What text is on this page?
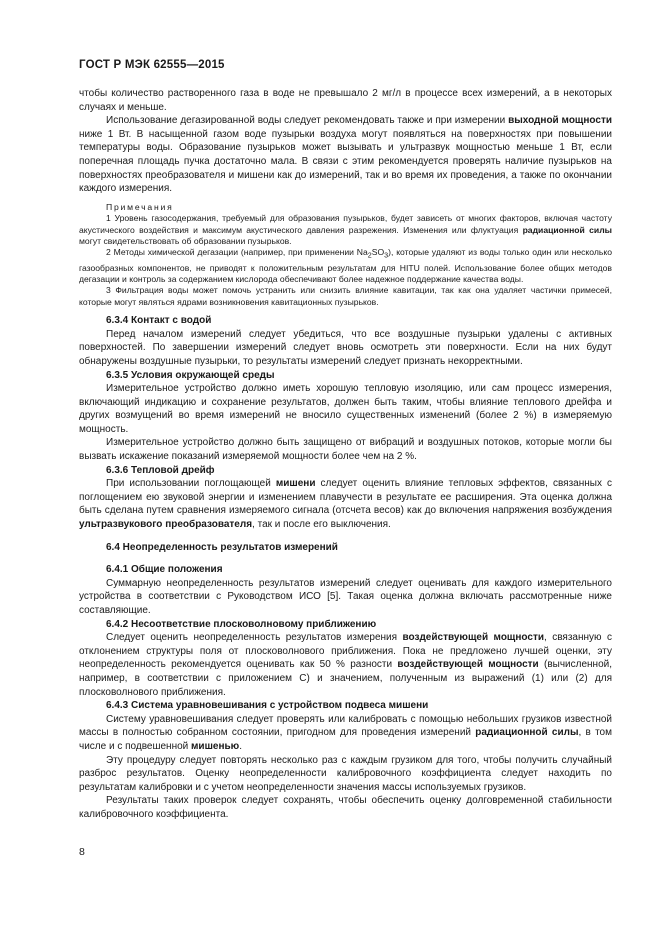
ГОСТ Р МЭК 62555—2015

чтобы количество растворенного газа в воде не превышало 2 мг/л в процессе всех измерений, а в некоторых случаях и меньше.

Использование дегазированной воды следует рекомендовать также и при измерении выходной мощности ниже 1 Вт. В насыщенной газом воде пузырьки воздуха могут появляться на поверхностях при повышении температуры воды. Образование пузырьков может вызывать и ультразвук мощностью меньше 1 Вт, если поперечная площадь пучка достаточно мала. В связи с этим рекомендуется проверять наличие пузырьков на поверхностях преобразователя и мишени как до измерений, так и во время их проведения, а также по окончании каждого измерения.

Примечания

1 Уровень газосодержания, требуемый для образования пузырьков, будет зависеть от многих факторов, включая частоту акустического воздействия и максимум акустического давления разрежения. Изменения или флуктуация радиационной силы могут свидетельствовать об образовании пузырьков.

2 Методы химической дегазации (например, при применении $Na_2SO_3$), которые удаляют из воды только один или несколько газообразных компонентов, не приводят к положительным результатам для HITU полей. Использование более общих методов дегазации и контроль за содержанием кислорода обеспечивают более надежное поддержание качества воды.

3 Фильтрация воды может помочь устранить или снизить влияние кавитации, так как она удаляет частички примесей, которые могут являться ядрами возникновения кавитационных пузырьков.

6.3.4 Контакт с водой

Перед началом измерений следует убедиться, что все воздушные пузырьки удалены с активных поверхностей. По завершении измерений следует вновь осмотреть эти поверхности. Если на них будут обнаружены воздушные пузырьки, то результаты измерений следует признать некорректными.

6.3.5 Условия окружающей среды

Измерительное устройство должно иметь хорошую тепловую изоляцию, или сам процесс измерения, включающий индикацию и сохранение результатов, должен быть таким, чтобы влияние теплового дрейфа и других возмущений во время измерений не вносило существенных изменений (более 2 %) в измеряемую мощность.

Измерительное устройство должно быть защищено от вибраций и воздушных потоков, которые могли бы вызвать искажение показаний измеряемой мощности более чем на 2 %.

6.3.6 Тепловой дрейф

При использовании поглощающей мишени следует оценить влияние тепловых эффектов, связанных с поглощением ею звуковой энергии и изменением плавучести в результате ее расширения. Эта оценка должна быть сделана путем сравнения измеряемого сигнала (отсчета весов) как до включения напряжения возбуждения ультразвукового преобразователя, так и после его выключения.

6.4 Неопределенность результатов измерений
6.4.1 Общие положения

Суммарную неопределенность результатов измерений следует оценивать для каждого измерительного устройства в соответствии с Руководством ИСО [5]. Такая оценка должна включать рассмотренные ниже составляющие.

6.4.2 Несоответствие плосковолновому приближению

Следует оценить неопределенность результатов измерения воздействующей мощности, связанную с отклонением структуры поля от плосковолнового приближения. Пока не предложено лучшей оценки, эту неопределенность рекомендуется оценивать как 50 % разности воздействующей мощности (вычисленной, например, в соответствии с приложением С) и значением, полученным из выражений (1) или (2) для плосковолнового приближения.

6.4.3 Система уравновешивания с устройством подвеса мишени

Систему уравновешивания следует проверять или калибровать с помощью небольших грузиков известной массы в полностью собранном состоянии, пригодном для проведения измерений радиационной силы, в том числе и с подвешенной мишенью.

Эту процедуру следует повторять несколько раз с каждым грузиком для того, чтобы получить случайный разброс результатов. Оценку неопределенности калибровочного коэффициента следует находить по результатам калибровки и с учетом неопределенности значения массы используемых грузиков.

Результаты таких проверок следует сохранять, чтобы обеспечить оценку долговременной стабильности калибровочного коэффициента.

8
